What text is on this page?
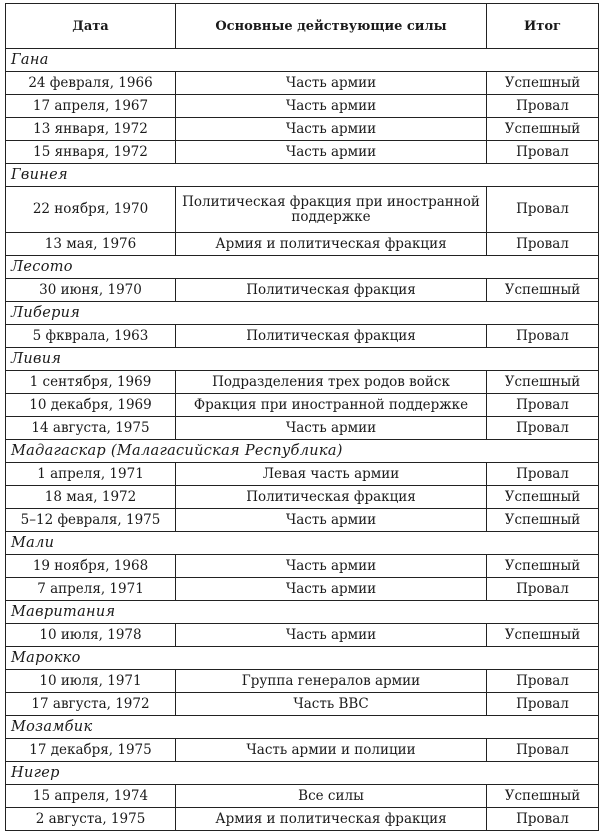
Дата	Основные действующие силы	Итог
Гана		
24 февраля, 1966	Часть армии	Успешный
17 апреля, 1967	Часть армии	Провал
13 января, 1972	Часть армии	Успешный
15 января, 1972	Часть армии	Провал
Гвинея		
22 ноября, 1970	Политическая фракция при иностранной поддержке	Провал
13 мая, 1976	Армия и политическая фракция	Провал
Лесото		
30 июня, 1970	Политическая фракция	Успешный
Либерия		
5 фкврала, 1963	Политическая фракция	Провал
Ливия		
1 сентября, 1969	Подразделения трех родов войск	Успешный
10 декабря, 1969	Фракция при иностранной поддержке	Провал
14 августа, 1975	Часть армии	Провал
Мадагаскар (Малагасийская Республика)		
1 апреля, 1971	Левая часть армии	Провал
18 мая, 1972	Политическая фракция	Успешный
5–12 февраля, 1975	Часть армии	Успешный
Мали		
19 ноября, 1968	Часть армии	Успешный
7 апреля, 1971	Часть армии	Провал
Мавритания		
10 июля, 1978	Часть армии	Успешный
Марокко		
10 июля, 1971	Группа генералов армии	Провал
17 августа, 1972	Часть ВВС	Провал
Мозамбик		
17 декабря, 1975	Часть армии и полиции	Провал
Нигер		
15 апреля, 1974	Все силы	Успешный
2 августа, 1975	Армия и политическая фракция	Провал
